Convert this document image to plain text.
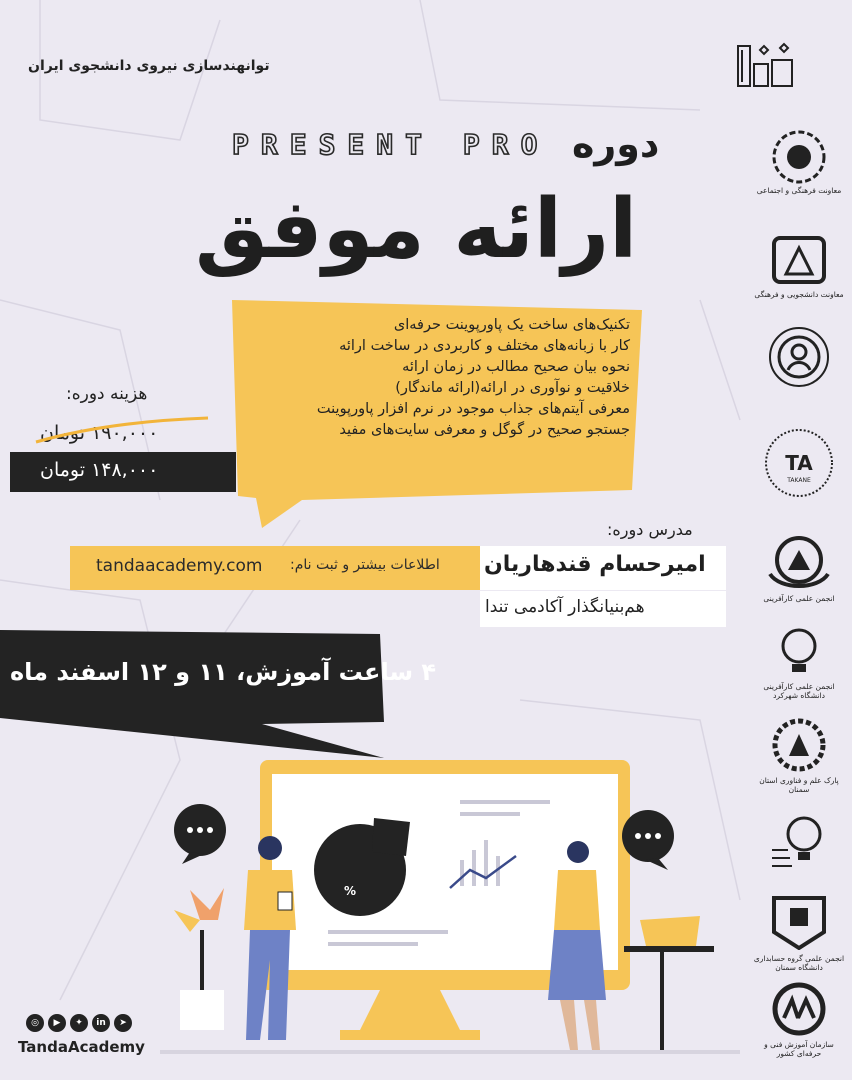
توانهندسازی نیروی دانشجوی ایران
PRESENT PRO دوره
ارائه موفق
تکنیک‌های ساخت یک پاورپوینت حرفه‌ای
کار با زبانه‌های مختلف و کاربردی در ساخت ارائه
نحوه بیان صحیح مطالب در زمان ارائه
خلاقیت و نوآوری در ارائه(ارائه ماندگار)
معرفی آیتم‌های جذاب موجود در نرم افزار پاورپوینت
جستجو صحیح در گوگل و معرفی سایت‌های مفید
هزینه دوره:
۱۹۰,۰۰۰ تومان
۱۴۸,۰۰۰ تومان
مدرس دوره:
tandaacademy.com اطلاعات بیشتر و ثبت نام: امیرحسام قندهاریان
هم‌بنیانگذار آکادمی تندا
۴ ساعت آموزش، ۱۱ و ۱۲ اسفند ماه
%
◎	▶	✦	in	➤
TandaAcademy
معاونت فرهنگی و اجتماعی
معاونت دانشجویی و فرهنگی
TA
TAKANE
انجمن علمی کارآفرینی
انجمن علمی کارآفرینی دانشگاه شهرکرد
پارک علم و فناوری استان سمنان
انجمن علمی گروه حسابداری دانشگاه سمنان
سازمان آموزش فنی و حرفه‌ای کشور
